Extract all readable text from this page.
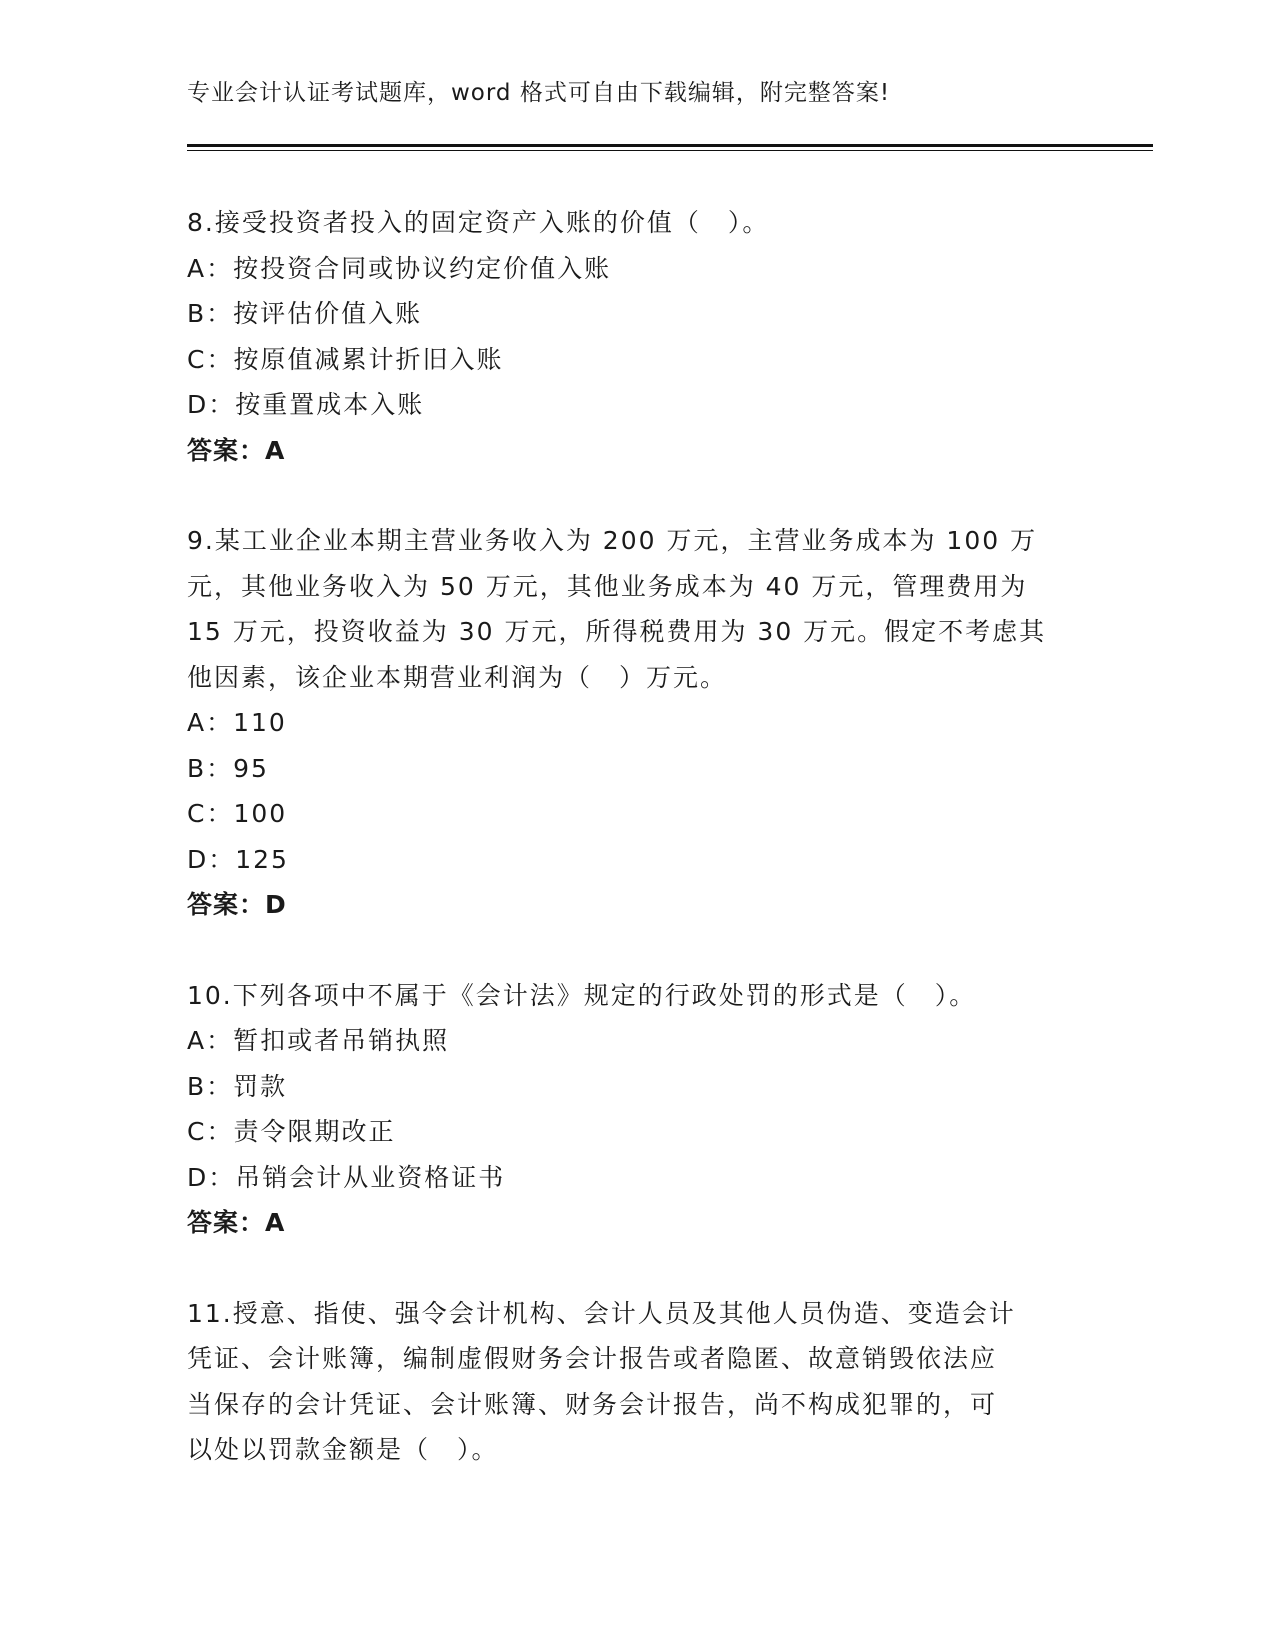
专业会计认证考试题库，word 格式可自由下载编辑，附完整答案!
8.接受投资者投入的固定资产入账的价值（　）。
A：按投资合同或协议约定价值入账
B：按评估价值入账
C：按原值减累计折旧入账
D：按重置成本入账
答案：A
9.某工业企业本期主营业务收入为 200 万元，主营业务成本为 100 万
元，其他业务收入为 50 万元，其他业务成本为 40 万元，管理费用为
15 万元，投资收益为 30 万元，所得税费用为 30 万元。假定不考虑其
他因素，该企业本期营业利润为（　）万元。
A：110
B：95
C：100
D：125
答案：D
10.下列各项中不属于《会计法》规定的行政处罚的形式是（　）。
A：暂扣或者吊销执照
B：罚款
C：责令限期改正
D：吊销会计从业资格证书
答案：A
11.授意、指使、强令会计机构、会计人员及其他人员伪造、变造会计
凭证、会计账簿，编制虚假财务会计报告或者隐匿、故意销毁依法应
当保存的会计凭证、会计账簿、财务会计报告，尚不构成犯罪的，可
以处以罚款金额是（　）。
